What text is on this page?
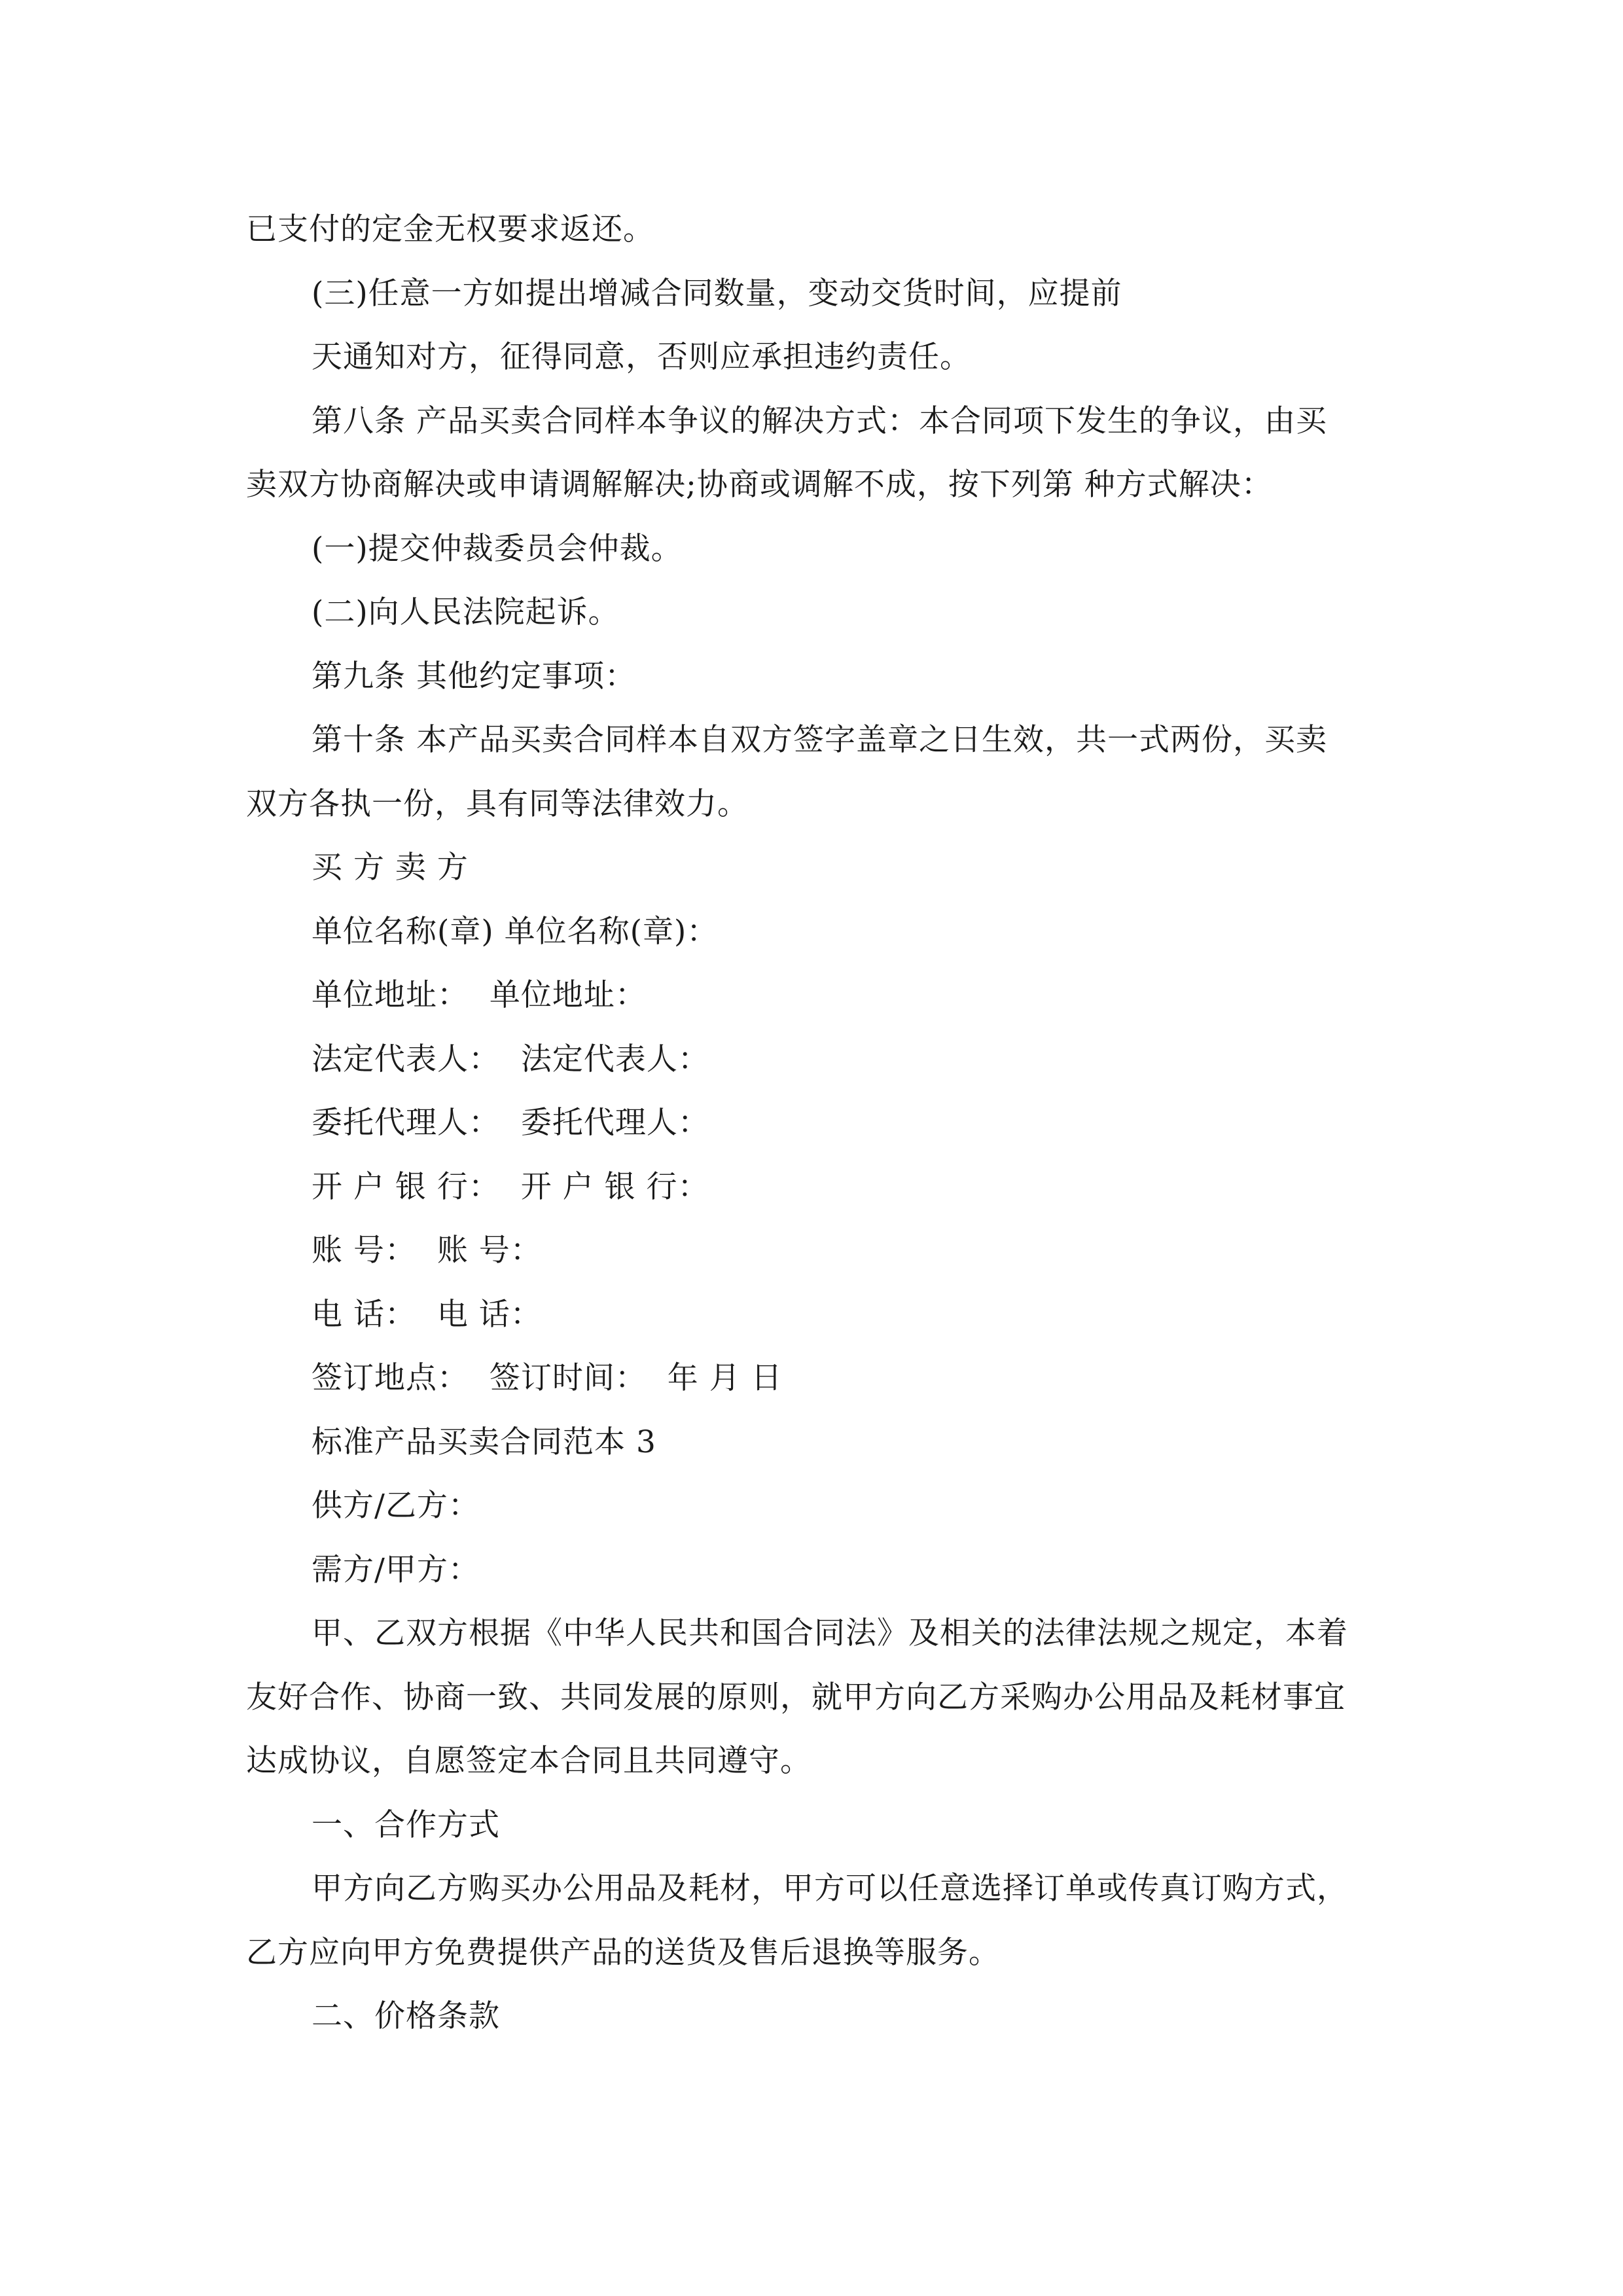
已支付的定金无权要求返还。
(三)任意一方如提出增减合同数量，变动交货时间，应提前
天通知对方，征得同意，否则应承担违约责任。
第八条 产品买卖合同样本争议的解决方式：本合同项下发生的争议，由买
卖双方协商解决或申请调解解决;协商或调解不成，按下列第 种方式解决：
(一)提交仲裁委员会仲裁。
(二)向人民法院起诉。
第九条 其他约定事项：
第十条 本产品买卖合同样本自双方签字盖章之日生效，共一式两份，买卖
双方各执一份，具有同等法律效力。
买 方 卖 方
单位名称(章) 单位名称(章)：
单位地址：  单位地址：
法定代表人：  法定代表人：
委托代理人：  委托代理人：
开 户 银 行：  开 户 银 行：
账 号：  账 号：
电 话：  电 话：
签订地点：  签订时间：  年 月 日
标准产品买卖合同范本 3
供方/乙方：
需方/甲方：
甲、乙双方根据《中华人民共和国合同法》及相关的法律法规之规定，本着
友好合作、协商一致、共同发展的原则，就甲方向乙方采购办公用品及耗材事宜
达成协议，自愿签定本合同且共同遵守。
一、合作方式
甲方向乙方购买办公用品及耗材，甲方可以任意选择订单或传真订购方式，
乙方应向甲方免费提供产品的送货及售后退换等服务。
二、价格条款
